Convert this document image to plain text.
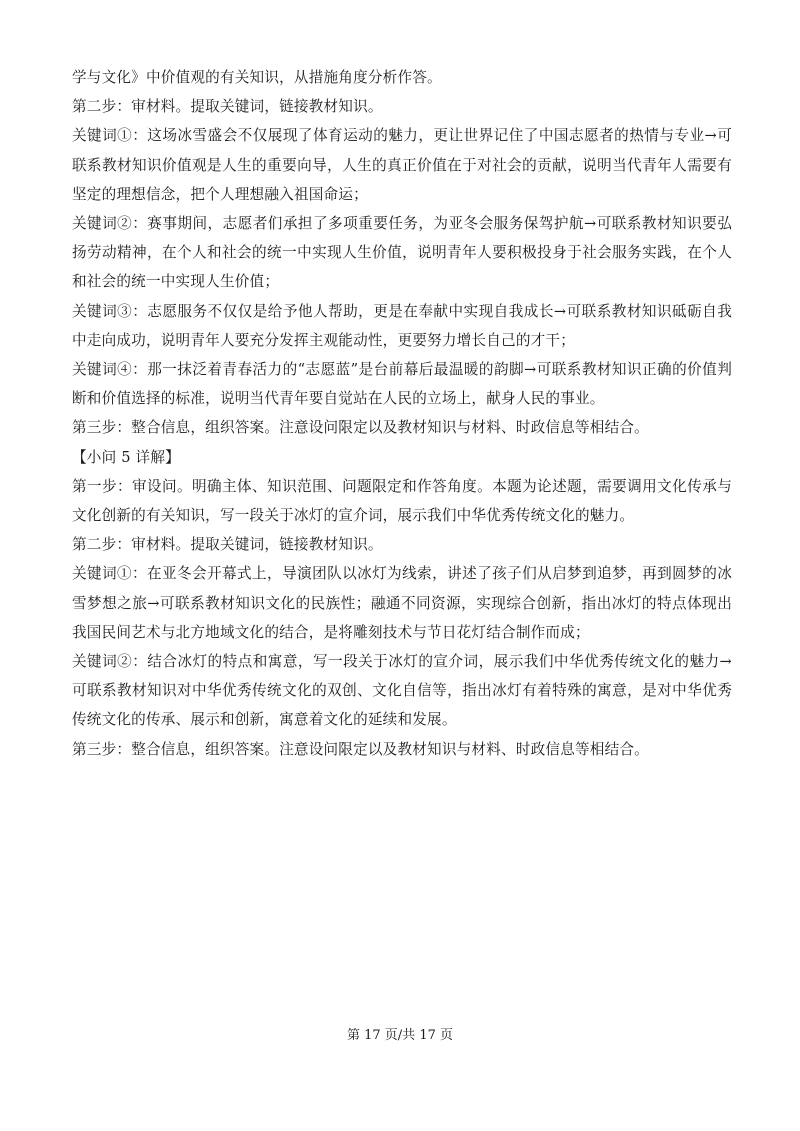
学与文化》中价值观的有关知识，从措施角度分析作答。

第二步：审材料。提取关键词，链接教材知识。

关键词①：这场冰雪盛会不仅展现了体育运动的魅力，更让世界记住了中国志愿者的热情与专业→可联系教材知识价值观是人生的重要向导，人生的真正价值在于对社会的贡献，说明当代青年人需要有坚定的理想信念，把个人理想融入祖国命运；

关键词②：赛事期间，志愿者们承担了多项重要任务，为亚冬会服务保驾护航→可联系教材知识要弘扬劳动精神，在个人和社会的统一中实现人生价值，说明青年人要积极投身于社会服务实践，在个人和社会的统一中实现人生价值；

关键词③：志愿服务不仅仅是给予他人帮助，更是在奉献中实现自我成长→可联系教材知识砥砺自我中走向成功，说明青年人要充分发挥主观能动性，更要努力增长自己的才干；

关键词④：那一抹泛着青春活力的“志愿蓝”是台前幕后最温暖的韵脚→可联系教材知识正确的价值判断和价值选择的标准，说明当代青年要自觉站在人民的立场上，献身人民的事业。

第三步：整合信息，组织答案。注意设问限定以及教材知识与材料、时政信息等相结合。

【小问 5 详解】

第一步：审设问。明确主体、知识范围、问题限定和作答角度。本题为论述题，需要调用文化传承与文化创新的有关知识，写一段关于冰灯的宣介词，展示我们中华优秀传统文化的魅力。

第二步：审材料。提取关键词，链接教材知识。

关键词①：在亚冬会开幕式上，导演团队以冰灯为线索，讲述了孩子们从启梦到追梦，再到圆梦的冰雪梦想之旅→可联系教材知识文化的民族性；融通不同资源，实现综合创新，指出冰灯的特点体现出我国民间艺术与北方地域文化的结合，是将雕刻技术与节日花灯结合制作而成；

关键词②：结合冰灯的特点和寓意，写一段关于冰灯的宣介词，展示我们中华优秀传统文化的魅力→可联系教材知识对中华优秀传统文化的双创、文化自信等，指出冰灯有着特殊的寓意，是对中华优秀传统文化的传承、展示和创新，寓意着文化的延续和发展。

第三步：整合信息，组织答案。注意设问限定以及教材知识与材料、时政信息等相结合。

第 17 页/共 17 页
